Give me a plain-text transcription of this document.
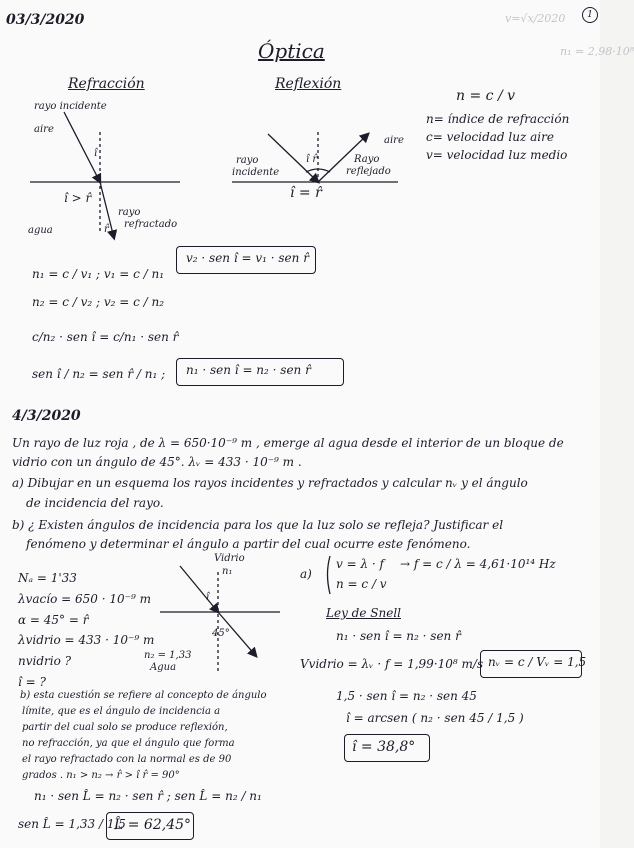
1
v=√x/2020
n₁ = 2,98·10⁸
03/3/2020
Óptica
Refracción
rayo incidente
aire
agua
rayo
refractado
î > r̂
î
r̂
Reflexión
aire
rayo
incidente
Rayo
reflejado
î r̂
î = r̂
n = c / v
n= índice de refracción
c= velocidad luz aire
v= velocidad luz medio
n₁ = c / v₁ ; v₁ = c / n₁
n₂ = c / v₂ ; v₂ = c / n₂
c/n₂ · sen î = c/n₁ · sen r̂
sen î / n₂ = sen r̂ / n₁ ;
v₂ · sen î = v₁ · sen r̂
n₁ · sen î = n₂ · sen r̂
4/3/2020
Un rayo de luz roja , de λ = 650·10⁻⁹ m , emerge al agua desde el interior de un bloque de
vidrio con un ángulo de 45°. λᵥ = 433 · 10⁻⁹ m .
a) Dibujar en un esquema los rayos incidentes y refractados y calcular nᵥ y el ángulo
de incidencia del rayo.
b) ¿ Existen ángulos de incidencia para los que la luz solo se refleja? Justificar el
fenómeno y determinar el ángulo a partir del cual ocurre este fenómeno.
Nₐ = 1'33
λvacío = 650 · 10⁻⁹ m
α = 45° = r̂
λvidrio = 433 · 10⁻⁹ m
nvidrio ?
î = ?
Vidrio
n₁
n₂ = 1,33
Agua
45°
î
a)
v = λ · f
n = c / v
→ f = c / λ = 4,61·10¹⁴ Hz
Ley de Snell
n₁ · sen î = n₂ · sen r̂
Vvidrio = λᵥ · f = 1,99·10⁸ m/s nᵥ = c / Vᵥ = 1,5
1,5 · sen î = n₂ · sen 45
î = arcsen ( n₂ · sen 45 / 1,5 )
î = 38,8°
b) esta cuestión se refiere al concepto de ángulo
límite, que es el ángulo de incidencia a
partir del cual solo se produce reflexión,
no refracción, ya que el ángulo que forma
el rayo refractado con la normal es de 90
grados . n₁ > n₂ → r̂ > î r̂ = 90°
n₁ · sen L̂ = n₂ · sen r̂ ; sen L̂ = n₂ / n₁
sen L̂ = 1,33 / 1,5
L̂ = 62,45°
